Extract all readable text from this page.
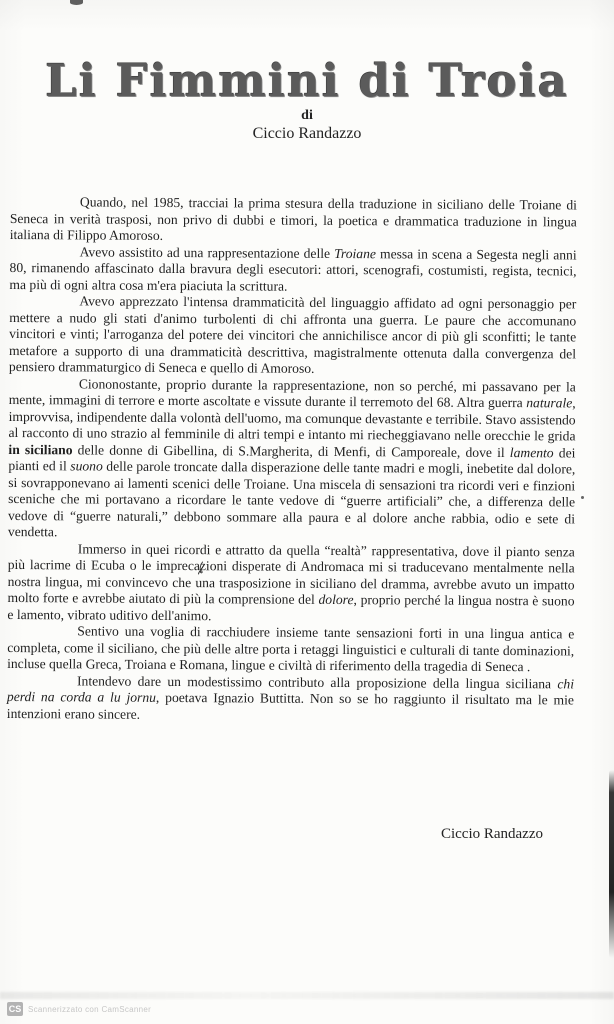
Li Fimmini di Troia
di
Ciccio Randazzo

Quando, nel 1985, tracciai la prima stesura della traduzione in siciliano delle Troiane di Seneca in verità trasposi, non privo di dubbi e timori, la poetica e drammatica traduzione in lingua italiana di Filippo Amoroso.

Avevo assistito ad una rappresentazione delle Troiane messa in scena a Segesta negli anni 80, rimanendo affascinato dalla bravura degli esecutori: attori, scenografi, costumisti, regista, tecnici, ma più di ogni altra cosa m'era piaciuta la scrittura.

Avevo apprezzato l'intensa drammaticità del linguaggio affidato ad ogni personaggio per mettere a nudo gli stati d'animo turbolenti di chi affronta una guerra. Le paure che accomunano vincitori e vinti; l'arroganza del potere dei vincitori che annichilisce ancor di più gli sconfitti; le tante metafore a supporto di una drammaticità descrittiva, magistralmente ottenuta dalla convergenza del pensiero drammaturgico di Seneca e quello di Amoroso.

Ciononostante, proprio durante la rappresentazione, non so perché, mi passavano per la mente, immagini di terrore e morte ascoltate e vissute durante il terremoto del 68. Altra guerra naturale, improvvisa, indipendente dalla volontà dell'uomo, ma comunque devastante e terribile. Stavo assistendo al racconto di uno strazio al femminile di altri tempi e intanto mi riecheggiavano nelle orecchie le grida in siciliano delle donne di Gibellina, di S.Margherita, di Menfi, di Camporeale, dove il lamento dei pianti ed il suono delle parole troncate dalla disperazione delle tante madri e mogli, inebetite dal dolore, si sovrapponevano ai lamenti scenici delle Troiane. Una miscela di sensazioni tra ricordi veri e finzioni sceniche che mi portavano a ricordare le tante vedove di “guerre artificiali” che, a differenza delle vedove di “guerre naturali,” debbono sommare alla paura e al dolore anche rabbia, odio e sete di vendetta.

Immerso in quei ricordi e attratto da quella “realtà” rappresentativa, dove il pianto senza più lacrime di Ecuba o le imprecazioni disperate di Andromaca mi si traducevano mentalmente nella nostra lingua, mi convincevo che una trasposizione in siciliano del dramma, avrebbe avuto un impatto molto forte e avrebbe aiutato di più la comprensione del dolore, proprio perché la lingua nostra è suono e lamento, vibrato uditivo dell'animo.

Sentivo una voglia di racchiudere insieme tante sensazioni forti in una lingua antica e completa, come il siciliano, che più delle altre porta i retaggi linguistici e culturali di tante dominazioni, incluse quella Greca, Troiana e Romana, lingue e civiltà di riferimento della tragedia di Seneca .

Intendevo dare un modestissimo contributo alla proposizione della lingua siciliana chi perdi na corda a lu jornu, poetava Ignazio Buttitta. Non so se ho raggiunto il risultato ma le mie intenzioni erano sincere.

Ciccio Randazzo
CS Scannerizzato con CamScanner
